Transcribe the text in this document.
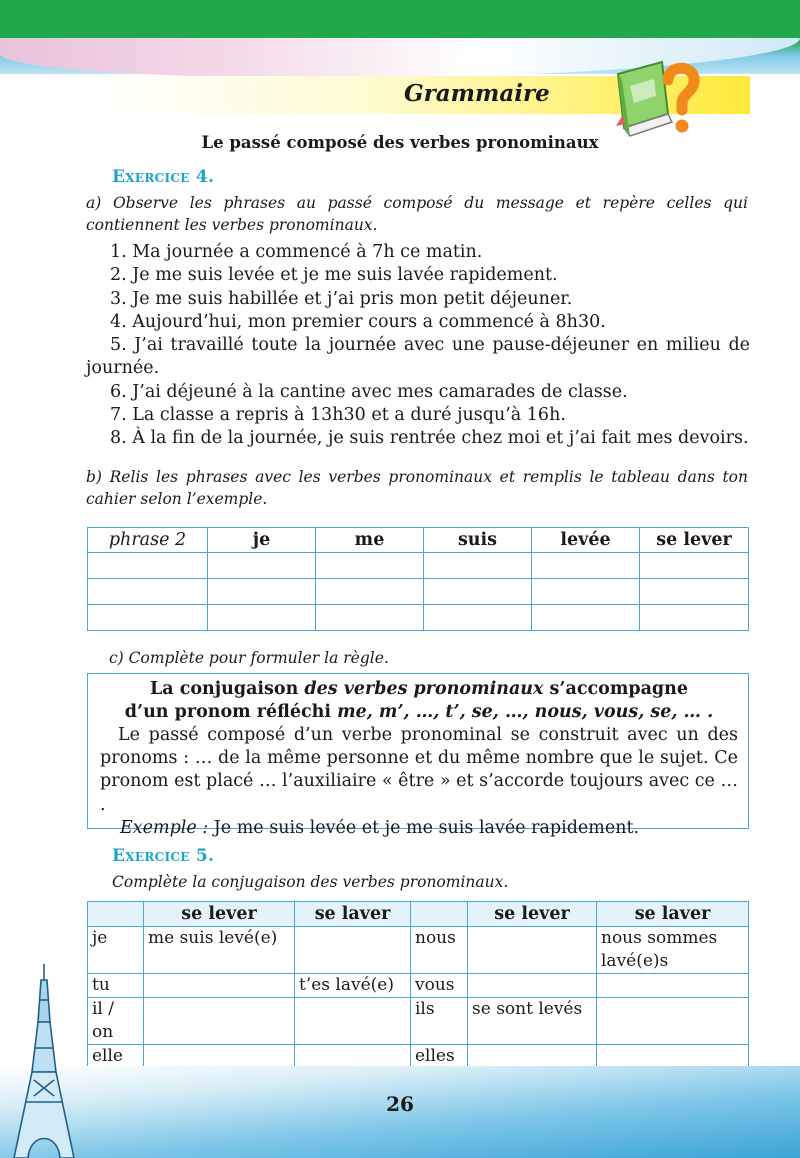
Grammaire
Le passé composé des verbes pronominaux
Exercice 4.
a) Observe les phrases au passé composé du message et repère celles qui contiennent les verbes pronominaux.
1. Ma journée a commencé à 7h ce matin.
2. Je me suis levée et je me suis lavée rapidement.
3. Je me suis habillée et j’ai pris mon petit déjeuner.
4. Aujourd’hui, mon premier cours a commencé à 8h30.
5. J’ai travaillé toute la journée avec une pause-déjeuner en milieu de journée.
6. J’ai déjeuné à la cantine avec mes camarades de classe.
7. La classe a repris à 13h30 et a duré jusqu’à 16h.
8. À la fin de la journée, je suis rentrée chez moi et j’ai fait mes devoirs.
b) Relis les phrases avec les verbes pronominaux et remplis le tableau dans ton cahier selon l’exemple.
phrase 2	je	me	suis	levée	se lever

c) Complète pour formuler la règle.
La conjugaison des verbes pronominaux s’accompagne
d’un pronom réfléchi me, m’, …, t’, se, …, nous, vous, se, … .
Le passé composé d’un verbe pronominal se construit avec un des pronoms : … de la même personne et du même nombre que le sujet. Ce pronom est placé … l’auxiliaire « être » et s’accorde toujours avec ce … .
Exemple : Je me suis levée et je me suis lavée rapidement.
Exercice 5.
Complète la conjugaison des verbes pronominaux.
	se lever	se laver		se lever	se laver
je	me suis levé(e)		nous		nous sommes lavé(e)s
tu		t’es lavé(e)	vous		
il / on			ils	se sont levés	
elle			elles		
26
